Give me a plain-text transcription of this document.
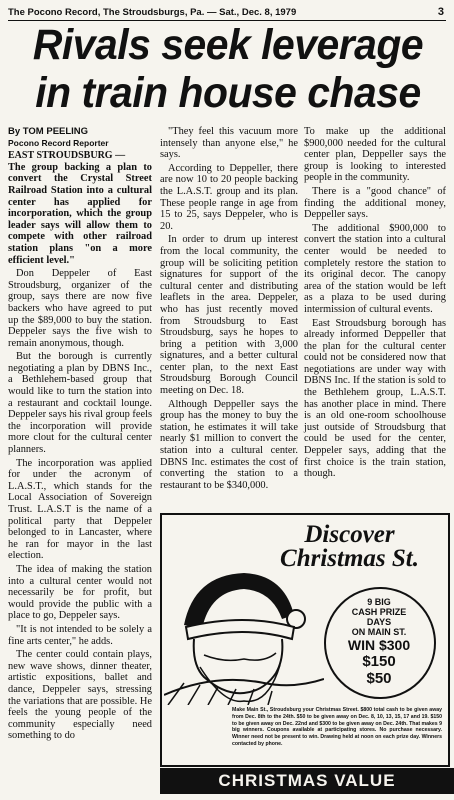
The Pocono Record, The Stroudsburgs, Pa. — Sat., Dec. 8, 1979	3
Rivals seek leverage
in train house chase
By TOM PEELING
Pocono Record Reporter
EAST STROUDSBURG —

The group backing a plan to convert the Crystal Street Railroad Station into a cultural center has applied for incorporation, which the group leader says will allow them to compete with other railroad station plans "on a more efficient level."

Don Deppeler of East Stroudsburg, organizer of the group, says there are now five backers who have agreed to put up the $89,000 to buy the station. Deppeler says the five wish to remain anonymous, though.

But the borough is currently negotiating a plan by DBNS Inc., a Bethlehem-based group that would like to turn the station into a restaurant and cocktail lounge. Deppeler says his rival group feels the incorporation will provide more clout for the cultural center planners.

The incorporation was applied for under the acronym of L.A.S.T., which stands for the Local Association of Sovereign Trust. L.A.S.T is the name of a political party that Deppeler belonged to in Lancaster, where he ran for mayor in the last election.

The idea of making the station into a cultural center would not necessarily be for profit, but would provide the public with a place to go, Deppeler says.

"It is not intended to be solely a fine arts center," he adds.

The center could contain plays, new wave shows, dinner theater, artistic expositions, ballet and dance, Deppeler says, stressing the variations that are possible. He feels the young people of the community especially need something to do

"They feel this vacuum more intensely than anyone else," he says.

According to Deppeller, there are now 10 to 20 people backing the L.A.S.T. group and its plan. These people range in age from 15 to 25, says Deppeler, who is 20.

In order to drum up interest from the local community, the group will be soliciting petition signatures for support of the cultural center and distributing leaflets in the area. Deppeler, who has just recently moved from Stroudsburg to East Stroudsburg, says he hopes to bring a petition with 3,000 signatures, and a better cultural center plan, to the next East Stroudsburg Borough Council meeting on Dec. 18.

Although Deppeller says the group has the money to buy the station, he estimates it will take nearly $1 million to convert the station into a cultural center. DBNS Inc. estimates the cost of converting the station to a restaurant to be $340,000.

To make up the additional $900,000 needed for the cultural center plan, Deppeller says the group is looking to interested people in the community.

There is a "good chance" of finding the additional money, Deppeller says.

The additional $900,000 to convert the station into a cultural center would be needed to completely restore the station to its original decor. The canopy area of the station would be left as a plaza to be used during intermission of cultural events.

East Stroudsburg borough has already informed Deppeller that the plan for the cultural center could not be considered now that negotiations are under way with DBNS Inc. If the station is sold to the Bethlehem group, L.A.S.T. has another place in mind. There is an old one-room schoolhouse just outside of Stroudsburg that could be used for the center, Deppeler says, adding that the first choice is the train station, though.

Discover
Christmas St.
9 BIG
CASH PRIZE
DAYS
ON MAIN ST.
WIN $300
$150
$50
Make Main St., Stroudsburg your Christmas Street. $800 total cash to be given away from Dec. 8th to the 24th. $50 to be given away on Dec. 8, 10, 13, 15, 17 and 19. $150 to be given away on Dec. 22nd and $300 to be given away on Dec. 24th. That makes 9 big winners. Coupons available at participating stores. No purchase necessary. Winner need not be present to win. Drawing held at noon on each prize day. Winners contacted by phone.
CHRISTMAS VALUE
